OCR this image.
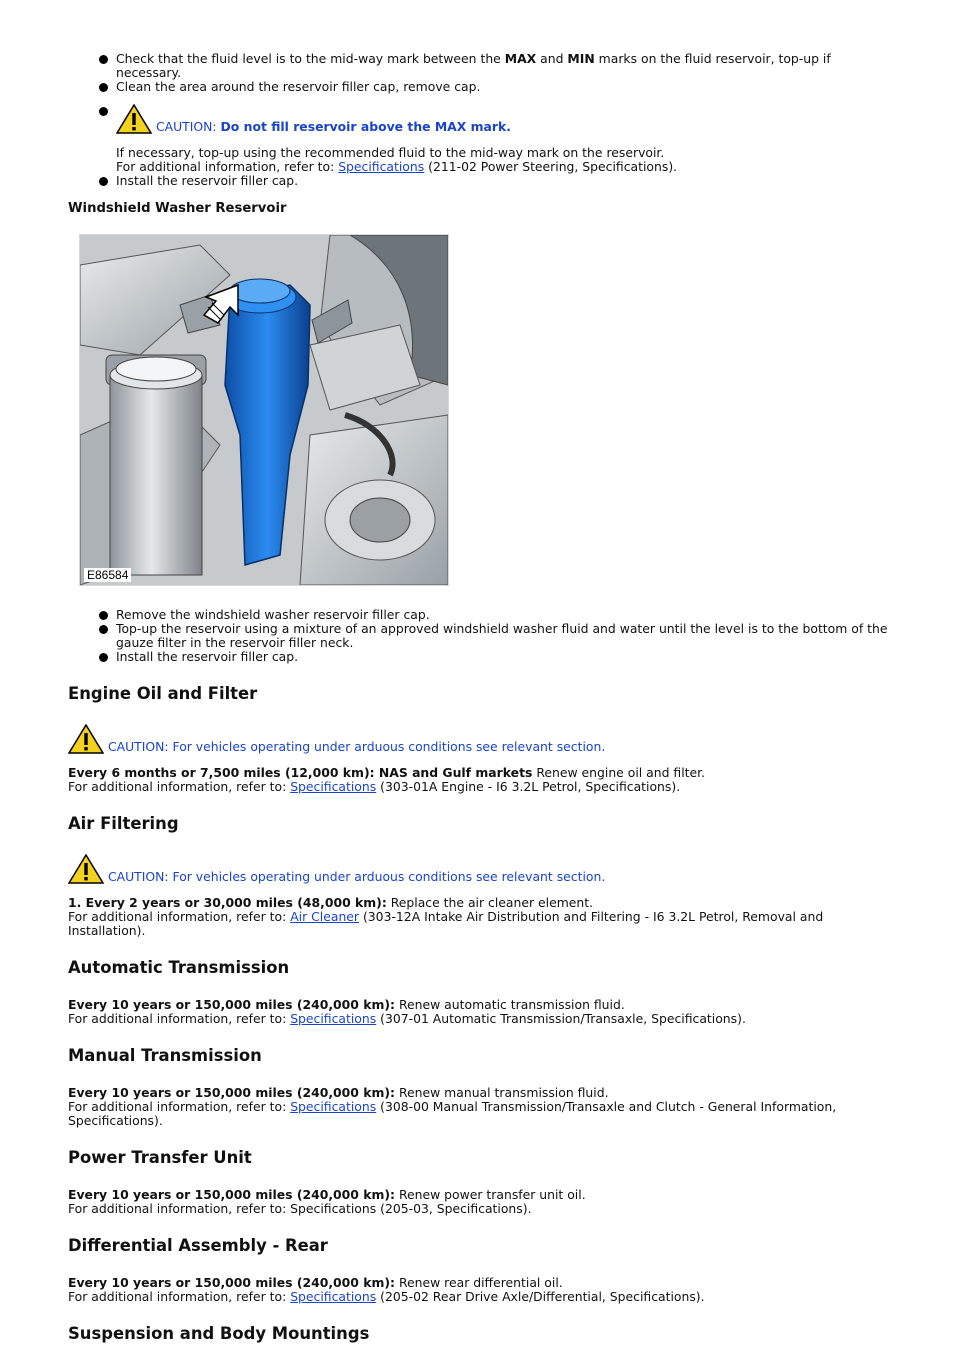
Check that the fluid level is to the mid-way mark between the MAX and MIN marks on the fluid reservoir, top-up if necessary.
Clean the area around the reservoir filler cap, remove cap.
CAUTION: Do not fill reservoir above the MAX mark.

If necessary, top-up using the recommended fluid to the mid-way mark on the reservoir.

For additional information, refer to: Specifications (211-02 Power Steering, Specifications).

Install the reservoir filler cap.
Windshield Washer Reservoir
E86584
Remove the windshield washer reservoir filler cap.
Top-up the reservoir using a mixture of an approved windshield washer fluid and water until the level is to the bottom of the gauze filter in the reservoir filler neck.
Install the reservoir filler cap.
Engine Oil and Filter
CAUTION: For vehicles operating under arduous conditions see relevant section.

Every 6 months or 7,500 miles (12,000 km): NAS and Gulf markets Renew engine oil and filter.

For additional information, refer to: Specifications (303-01A Engine - I6 3.2L Petrol, Specifications).

Air Filtering
CAUTION: For vehicles operating under arduous conditions see relevant section.

1. Every 2 years or 30,000 miles (48,000 km): Replace the air cleaner element.

For additional information, refer to: Air Cleaner (303-12A Intake Air Distribution and Filtering - I6 3.2L Petrol, Removal and Installation).

Automatic Transmission

Every 10 years or 150,000 miles (240,000 km): Renew automatic transmission fluid.

For additional information, refer to: Specifications (307-01 Automatic Transmission/Transaxle, Specifications).

Manual Transmission

Every 10 years or 150,000 miles (240,000 km): Renew manual transmission fluid.

For additional information, refer to: Specifications (308-00 Manual Transmission/Transaxle and Clutch - General Information, Specifications).

Power Transfer Unit

Every 10 years or 150,000 miles (240,000 km): Renew power transfer unit oil.

For additional information, refer to: Specifications (205-03, Specifications).

Differential Assembly - Rear

Every 10 years or 150,000 miles (240,000 km): Renew rear differential oil.

For additional information, refer to: Specifications (205-02 Rear Drive Axle/Differential, Specifications).

Suspension and Body Mountings
